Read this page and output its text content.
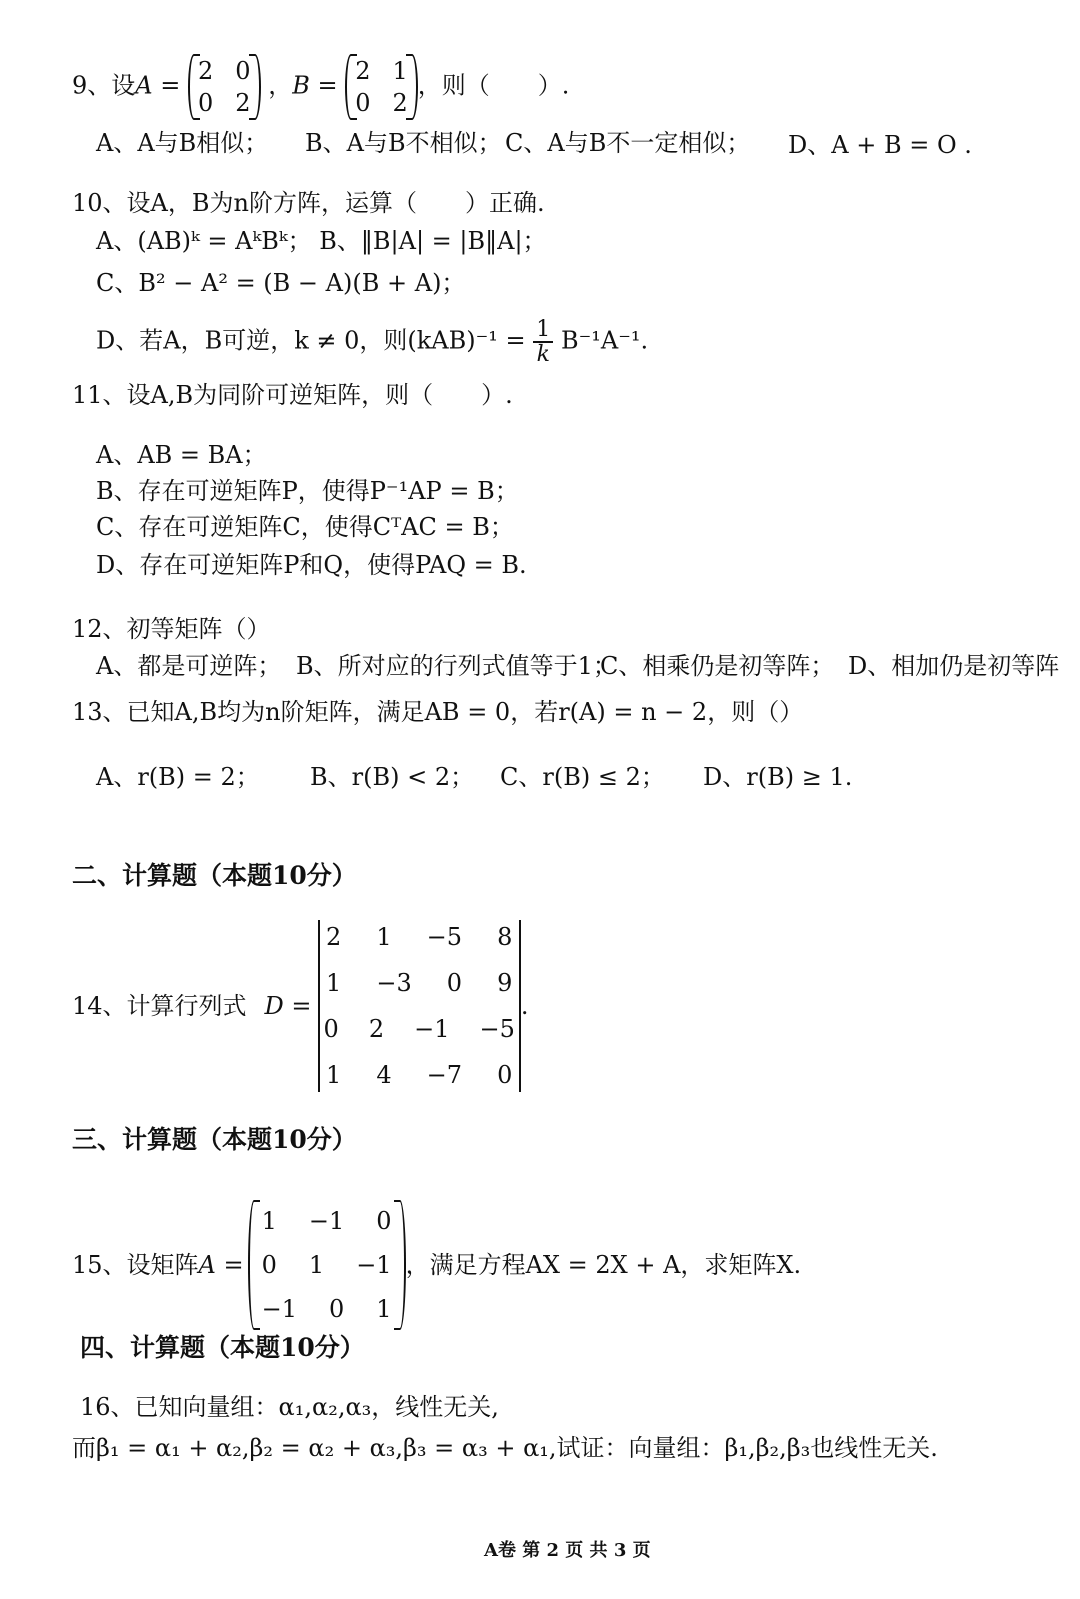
9、设A =
2 0
0 2
，B =
2 1
0 2
，则（　　）.
A、A与B相似； B、A与B不相似； C、A与B不一定相似； D、A + B = O .
10、设A，B为n阶方阵，运算（　　）正确.
A、(AB)ᵏ = AᵏBᵏ； B、‖B|A| = |B‖A|；
C、B² − A² = (B − A)(B + A)；
D、若A，B可逆，k ≠ 0，则$(kAB)^{-1} = \frac{1}{k} B^{-1}A^{-1}$.
11、设A,B为同阶可逆矩阵，则（　　）.
A、AB = BA；
B、存在可逆矩阵P，使得P⁻¹AP = B；
C、存在可逆矩阵C，使得CᵀAC = B；
D、存在可逆矩阵P和Q，使得PAQ = B.
12、初等矩阵（）
A、都是可逆阵； B、所对应的行列式值等于1；
C、相乘仍是初等阵； D、相加仍是初等阵
13、已知A,B均为n阶矩阵，满足AB = 0，若r(A) = n − 2，则（）
A、r(B) = 2； B、r(B) < 2； C、r(B) ≤ 2； D、r(B) ≥ 1.
二、计算题（本题10分）
14、计算行列式 D =
2 1 −5 8
1 −3 0 9
0 2 −1 −5
1 4 −7 0
.
三、计算题（本题10分）
15、设矩阵 A =
1 −1 0
0 1 −1
−1 0 1
，满足方程AX = 2X + A，求矩阵X.
四、计算题（本题10分）
16、已知向量组：α₁,α₂,α₃，线性无关,
而β₁ = α₁ + α₂,β₂ = α₂ + α₃,β₃ = α₃ + α₁,试证：向量组：β₁,β₂,β₃也线性无关.
A卷 第 2 页 共 3 页
